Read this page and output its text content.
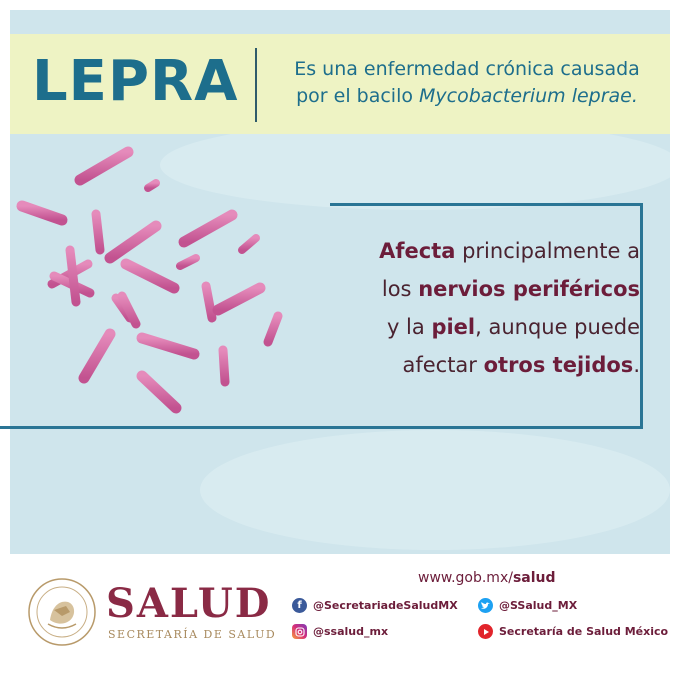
LEPRA	Es una enfermedad crónica causada
por el bacilo Mycobacterium leprae.
Afecta principalmente a
los nervios periféricos
y la piel, aunque puede
afectar otros tejidos.
SALUD
SECRETARÍA DE SALUD
www.gob.mx/salud
f	@SecretariadeSaludMX	@SSalud_MX
@ssalud_mx	Secretaría de Salud México
